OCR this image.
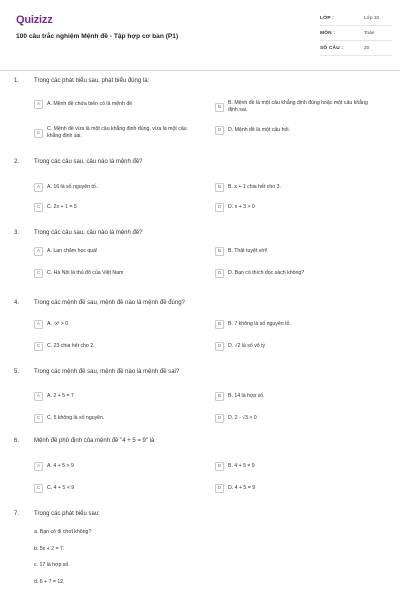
Quizizz
100 câu trắc nghiệm Mệnh đề - Tập hợp cơ bản (P1)
LỚP :	Lớp 10
MÔN :	Toán
SỐ CÂU :	20
7. Trong các phát biểu sau:
a. Bạn có đi chơi không?
b. 5x + 2 = 7.
c. 17 là hợp số.
d. 6 + 7 = 12.
1. Trong các phát biểu sau, phát biểu đúng là:
A	A. Mệnh đề chứa biến có là mệnh đề	B
B. Mệnh đề là một câu khẳng định đúng hoặc một câu khẳng định sai.
C
C. Mệnh đề vừa là một câu khẳng định đúng, vừa là một câu khẳng định sai.
D	D. Mệnh đề là một câu hỏi.
2. Trong các câu sau, câu nào là mệnh đề?
A	A. 16 là số nguyên tố.	B	B. x + 1 chia hết cho 3.
C	C. 2x + 1 = 5	D	D. x + 3 > 0
3. Trong các câu sau, câu nào là mệnh đề?
A	A. Lan chăm học quá!	B	B. Thật tuyệt vời!
C	C. Hà Nội là thủ đô của Việt Nam	D	D. Bạn có thích đọc sách không?
4. Trong các mệnh đề sau, mệnh đề nào là mệnh đề đúng?
A	A. -x² > 0	B	B. 7 không là số nguyên tố.
C	C. 23 chia hết cho 2.	D	D. √2 là số vô tỷ
5. Trong các mệnh đề sau, mệnh đề nào là mệnh đề sai?
A	A. 2 + 5 = 7	B	B. 14 là hợp số.
C	C. 5 không là số nguyên.	D	D. 2 - √3 > 0
6. Mệnh đề phủ định của mệnh đề "4 + 5 = 9" là
A	A. 4 + 5 > 9	B	B. 4 + 5 ≠ 9
C	C. 4 + 5 < 9	D	D. 4 + 5 = 9
